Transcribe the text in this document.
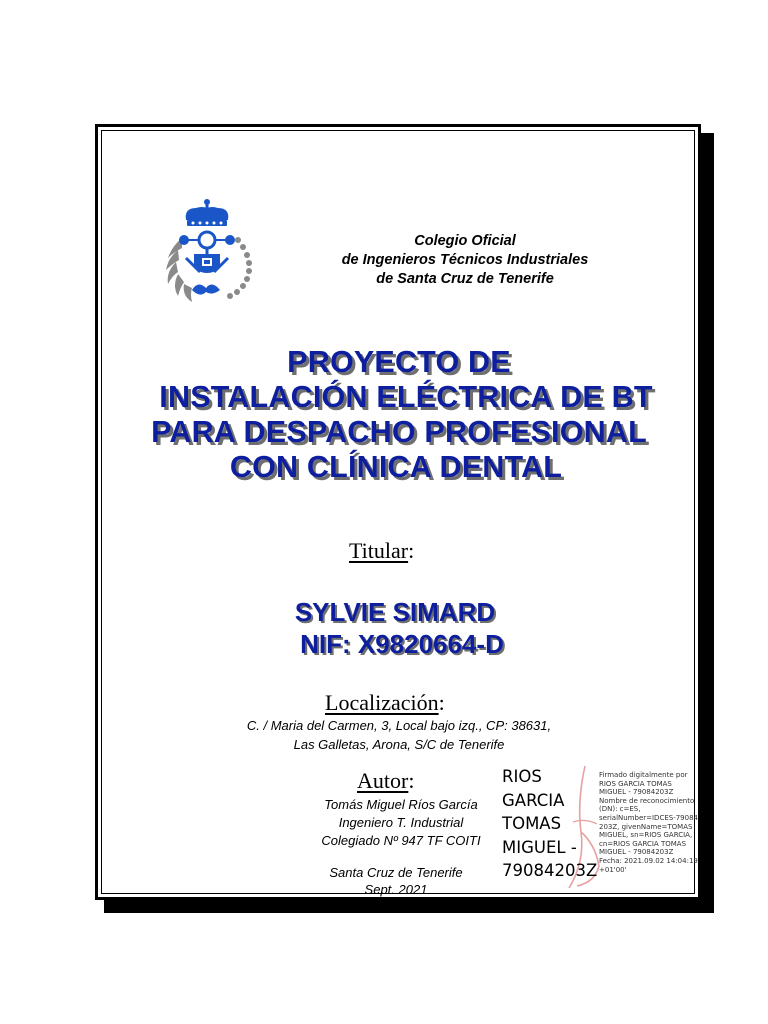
Colegio Oficial
de Ingenieros Técnicos Industriales
de Santa Cruz de Tenerife
PROYECTO DE
INSTALACIÓN ELÉCTRICA DE BT
PARA DESPACHO PROFESIONAL
CON CLÍNICA DENTAL
Titular:
SYLVIE SIMARD
NIF: X9820664-D
Localización:
C. / Maria del Carmen, 3, Local bajo izq., CP: 38631,
Las Galletas, Arona, S/C de Tenerife
Autor:
Tomás Miguel Ríos García
Ingeniero T. Industrial
Colegiado Nº 947 TF COITI
Santa Cruz de Tenerife
Sept. 2021
RIOS
GARCIA
TOMAS
MIGUEL -
79084203Z
Firmado digitalmente por
RIOS GARCIA TOMAS
MIGUEL - 79084203Z
Nombre de reconocimiento
(DN): c=ES,
serialNumber=IDCES-79084
203Z, givenName=TOMAS
MIGUEL, sn=RIOS GARCIA,
cn=RIOS GARCIA TOMAS
MIGUEL - 79084203Z
Fecha: 2021.09.02 14:04:19
+01'00'
